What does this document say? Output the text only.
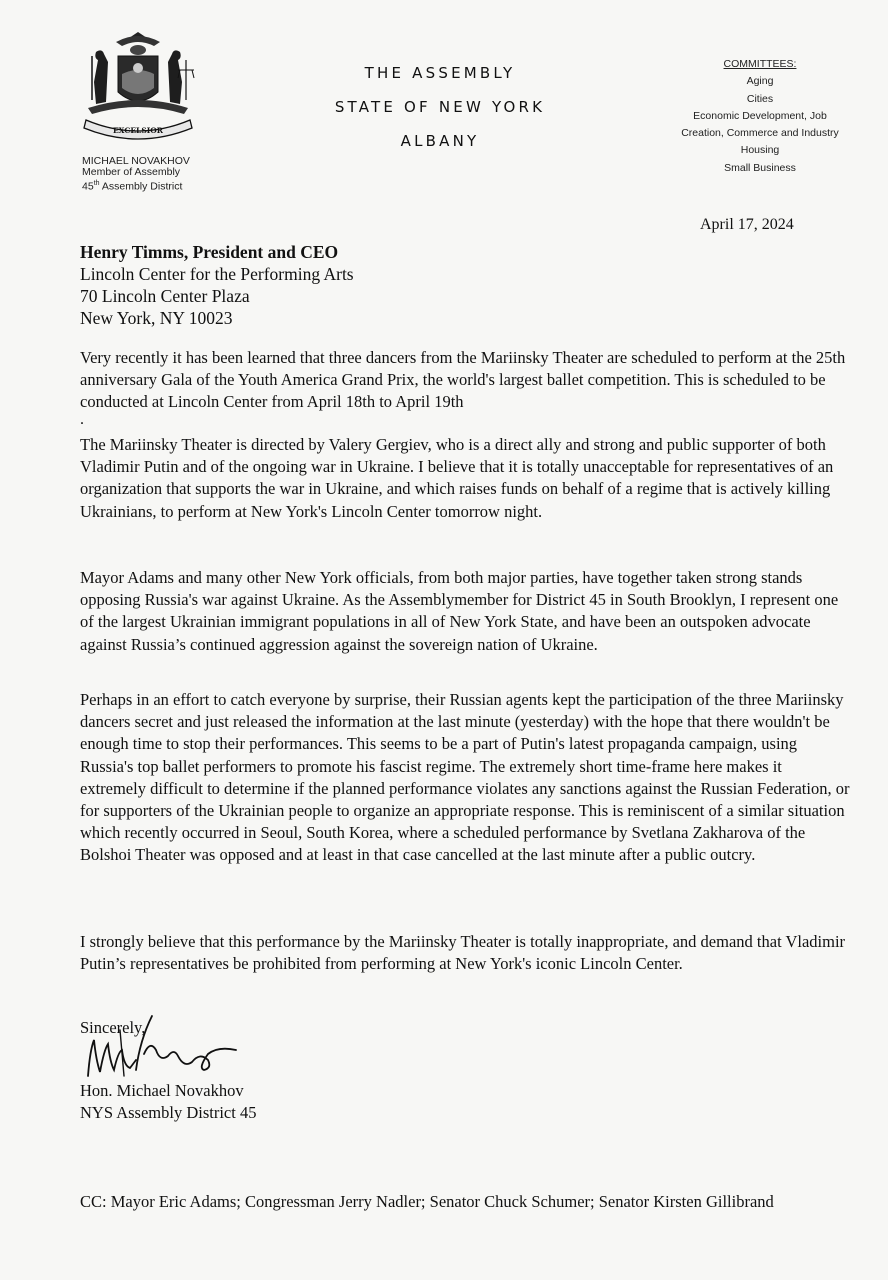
EXCELSIOR
MICHAEL NOVAKHOV
Member of Assembly
45th Assembly District
THE ASSEMBLY
STATE OF NEW YORK
ALBANY
COMMITTEES:
Aging
Cities
Economic Development, Job
Creation, Commerce and Industry
Housing
Small Business
April 17, 2024
Henry Timms, President and CEO
Lincoln Center for the Performing Arts
70 Lincoln Center Plaza
New York, NY 10023

Very recently it has been learned that three dancers from the Mariinsky Theater are scheduled to perform at the 25th anniversary Gala of the Youth America Grand Prix, the world's largest ballet competition. This is scheduled to be conducted at Lincoln Center from April 18th to April 19th

.

The Mariinsky Theater is directed by Valery Gergiev, who is a direct ally and strong and public supporter of both Vladimir Putin and of the ongoing war in Ukraine. I believe that it is totally unacceptable for representatives of an organization that supports the war in Ukraine, and which raises funds on behalf of a regime that is actively killing Ukrainians, to perform at New York's Lincoln Center tomorrow night.

Mayor Adams and many other New York officials, from both major parties, have together taken strong stands opposing Russia's war against Ukraine. As the Assemblymember for District 45 in South Brooklyn, I represent one of the largest Ukrainian immigrant populations in all of New York State, and have been an outspoken advocate against Russia’s continued aggression against the sovereign nation of Ukraine.

Perhaps in an effort to catch everyone by surprise, their Russian agents kept the participation of the three Mariinsky dancers secret and just released the information at the last minute (yesterday) with the hope that there wouldn't be enough time to stop their performances. This seems to be a part of Putin's latest propaganda campaign, using Russia's top ballet performers to promote his fascist regime. The extremely short time-frame here makes it extremely difficult to determine if the planned performance violates any sanctions against the Russian Federation, or for supporters of the Ukrainian people to organize an appropriate response. This is reminiscent of a similar situation which recently occurred in Seoul, South Korea, where a scheduled performance by Svetlana Zakharova of the Bolshoi Theater was opposed and at least in that case cancelled at the last minute after a public outcry.

I strongly believe that this performance by the Mariinsky Theater is totally inappropriate, and demand that Vladimir Putin’s representatives be prohibited from performing at New York's iconic Lincoln Center.

Sincerely,
Hon. Michael Novakhov
NYS Assembly District 45

CC: Mayor Eric Adams; Congressman Jerry Nadler; Senator Chuck Schumer; Senator Kirsten Gillibrand
